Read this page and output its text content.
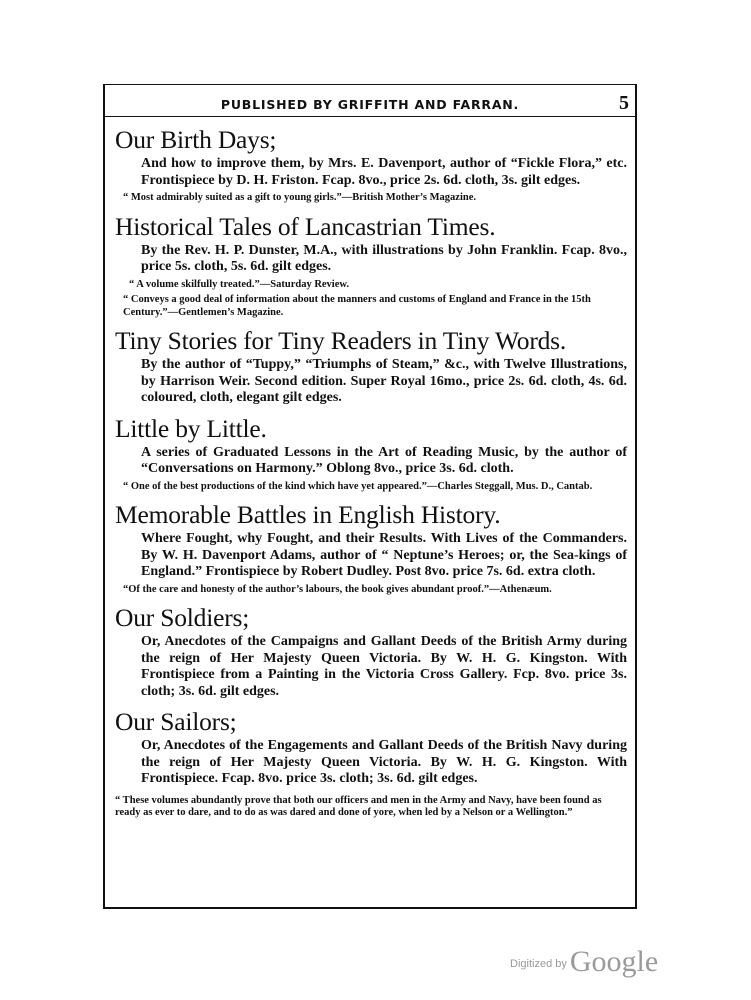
PUBLISHED BY GRIFFITH AND FARRAN.	5
Our Birth Days;
And how to improve them, by Mrs. E. Davenport, author of “Fickle Flora,” etc. Frontispiece by D. H. Friston. Fcap. 8vo., price 2s. 6d. cloth, 3s. gilt edges.
“ Most admirably suited as a gift to young girls.”—British Mother’s Magazine.
Historical Tales of Lancastrian Times.
By the Rev. H. P. Dunster, M.A., with illustrations by John Franklin. Fcap. 8vo., price 5s. cloth, 5s. 6d. gilt edges.
“ A volume skilfully treated.”—Saturday Review.
“ Conveys a good deal of information about the manners and customs of England and France in the 15th Century.”—Gentlemen’s Magazine.
Tiny Stories for Tiny Readers in Tiny Words.
By the author of “Tuppy,” “Triumphs of Steam,” &c., with Twelve Illustrations, by Harrison Weir. Second edition. Super Royal 16mo., price 2s. 6d. cloth, 4s. 6d. coloured, cloth, elegant gilt edges.
Little by Little.
A series of Graduated Lessons in the Art of Reading Music, by the author of “Conversations on Harmony.” Oblong 8vo., price 3s. 6d. cloth.
“ One of the best productions of the kind which have yet appeared.”—Charles Steggall, Mus. D., Cantab.
Memorable Battles in English History.
Where Fought, why Fought, and their Results. With Lives of the Commanders. By W. H. Davenport Adams, author of “ Neptune’s Heroes; or, the Sea-kings of England.” Frontispiece by Robert Dudley. Post 8vo. price 7s. 6d. extra cloth.
“Of the care and honesty of the author’s labours, the book gives abundant proof.”—Athenæum.
Our Soldiers;
Or, Anecdotes of the Campaigns and Gallant Deeds of the British Army during the reign of Her Majesty Queen Victoria. By W. H. G. Kingston. With Frontispiece from a Painting in the Victoria Cross Gallery. Fcp. 8vo. price 3s. cloth; 3s. 6d. gilt edges.
Our Sailors;
Or, Anecdotes of the Engagements and Gallant Deeds of the British Navy during the reign of Her Majesty Queen Victoria. By W. H. G. Kingston. With Frontispiece. Fcap. 8vo. price 3s. cloth; 3s. 6d. gilt edges.
“ These volumes abundantly prove that both our officers and men in the Army and Navy, have been found as ready as ever to dare, and to do as was dared and done of yore, when led by a Nelson or a Wellington.”
$^{Digitized by}$ Google
